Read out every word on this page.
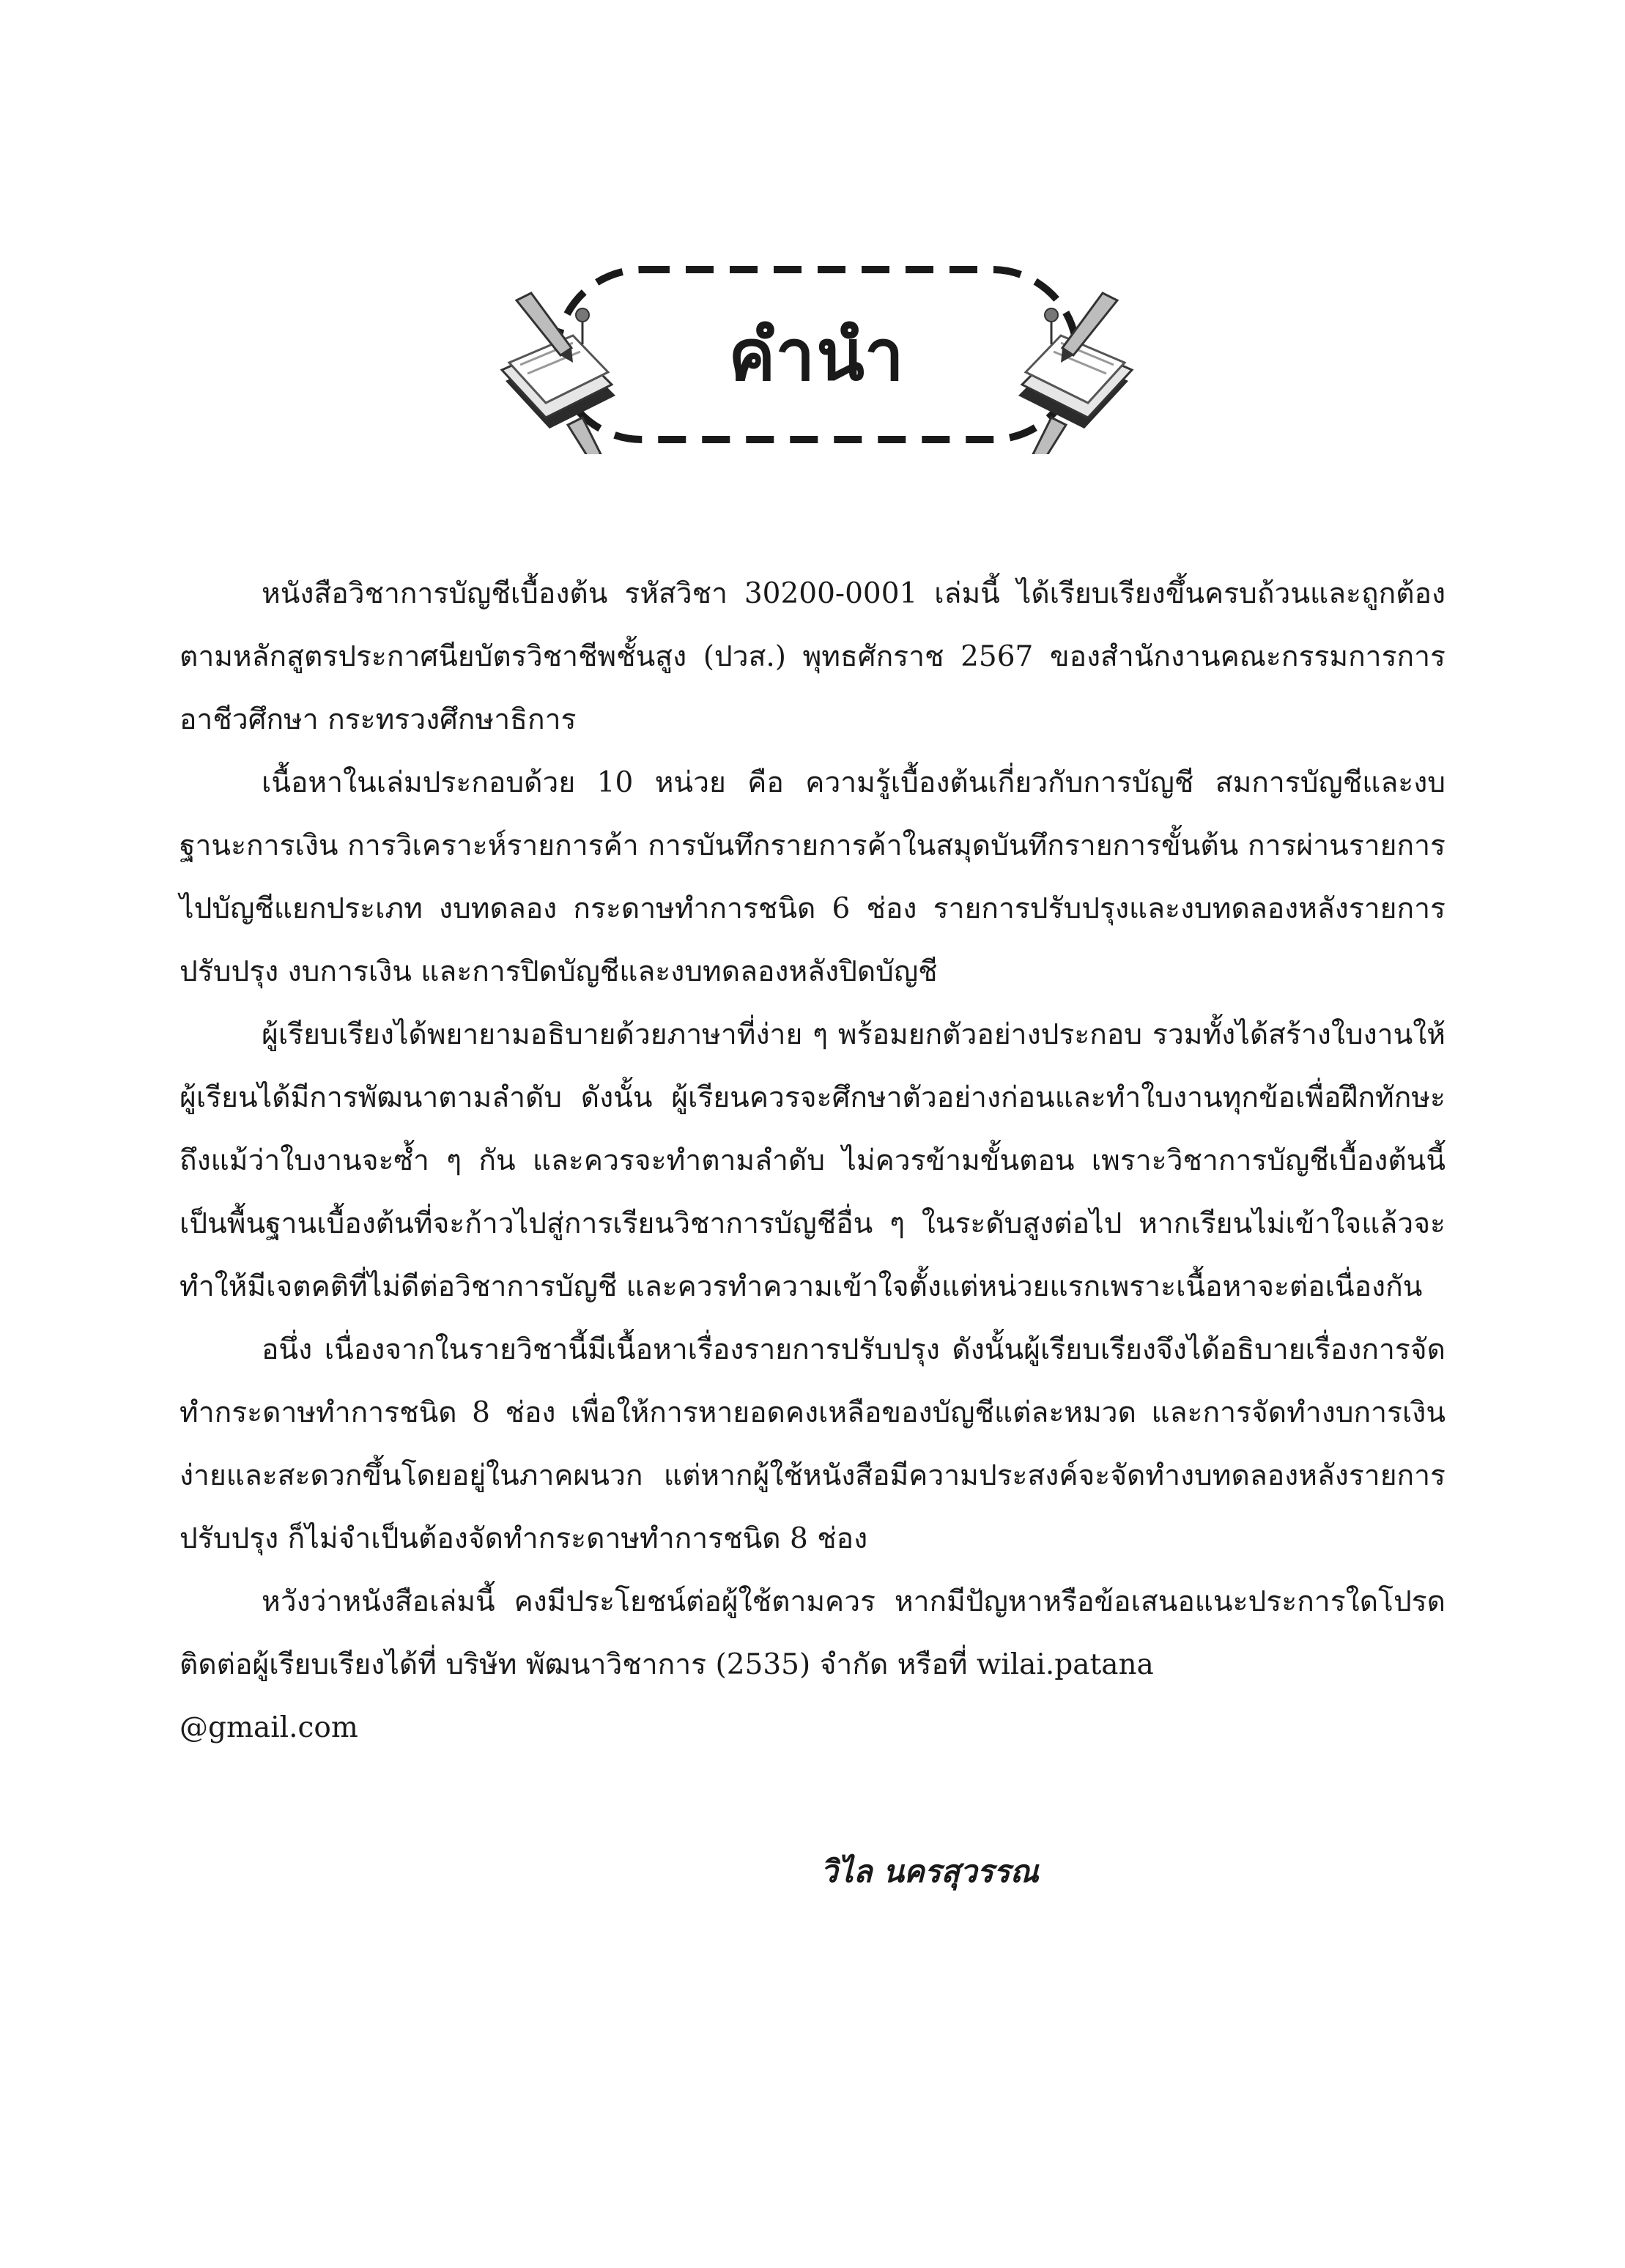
คำนำ

หนังสือวิชาการบัญชีเบื้องต้น รหัสวิชา 30200-0001 เล่มนี้ ได้เรียบเรียงขึ้นครบถ้วนและถูกต้องตามหลักสูตรประกาศนียบัตรวิชาชีพชั้นสูง (ปวส.) พุทธศักราช 2567 ของสำนักงานคณะกรรมการการอาชีวศึกษา กระทรวงศึกษาธิการ

เนื้อหาในเล่มประกอบด้วย 10 หน่วย คือ ความรู้เบื้องต้นเกี่ยวกับการบัญชี สมการบัญชีและงบฐานะการเงิน การวิเคราะห์รายการค้า การบันทึกรายการค้าในสมุดบันทึกรายการขั้นต้น การผ่านรายการไปบัญชีแยกประเภท งบทดลอง กระดาษทำการชนิด 6 ช่อง รายการปรับปรุงและงบทดลองหลังรายการปรับปรุง งบการเงิน และการปิดบัญชีและงบทดลองหลังปิดบัญชี

ผู้เรียบเรียงได้พยายามอธิบายด้วยภาษาที่ง่าย ๆ พร้อมยกตัวอย่างประกอบ รวมทั้งได้สร้างใบงานให้ผู้เรียนได้มีการพัฒนาตามลำดับ ดังนั้น ผู้เรียนควรจะศึกษาตัวอย่างก่อนและทำใบงานทุกข้อเพื่อฝึกทักษะถึงแม้ว่าใบงานจะซ้ำ ๆ กัน และควรจะทำตามลำดับ ไม่ควรข้ามขั้นตอน เพราะวิชาการบัญชีเบื้องต้นนี้เป็นพื้นฐานเบื้องต้นที่จะก้าวไปสู่การเรียนวิชาการบัญชีอื่น ๆ ในระดับสูงต่อไป หากเรียนไม่เข้าใจแล้วจะทำให้มีเจตคติที่ไม่ดีต่อวิชาการบัญชี และควรทำความเข้าใจตั้งแต่หน่วยแรกเพราะเนื้อหาจะต่อเนื่องกัน

อนึ่ง เนื่องจากในรายวิชานี้มีเนื้อหาเรื่องรายการปรับปรุง ดังนั้นผู้เรียบเรียงจึงได้อธิบายเรื่องการจัดทำกระดาษทำการชนิด 8 ช่อง เพื่อให้การหายอดคงเหลือของบัญชีแต่ละหมวด และการจัดทำงบการเงินง่ายและสะดวกขึ้นโดยอยู่ในภาคผนวก แต่หากผู้ใช้หนังสือมีความประสงค์จะจัดทำงบทดลองหลังรายการปรับปรุง ก็ไม่จำเป็นต้องจัดทำกระดาษทำการชนิด 8 ช่อง

หวังว่าหนังสือเล่มนี้ คงมีประโยชน์ต่อผู้ใช้ตามควร หากมีปัญหาหรือข้อเสนอแนะประการใดโปรดติดต่อผู้เรียบเรียงได้ที่ บริษัท พัฒนาวิชาการ (2535) จำกัด หรือที่ wilai.patana

@gmail.com

วิไล นครสุวรรณ
